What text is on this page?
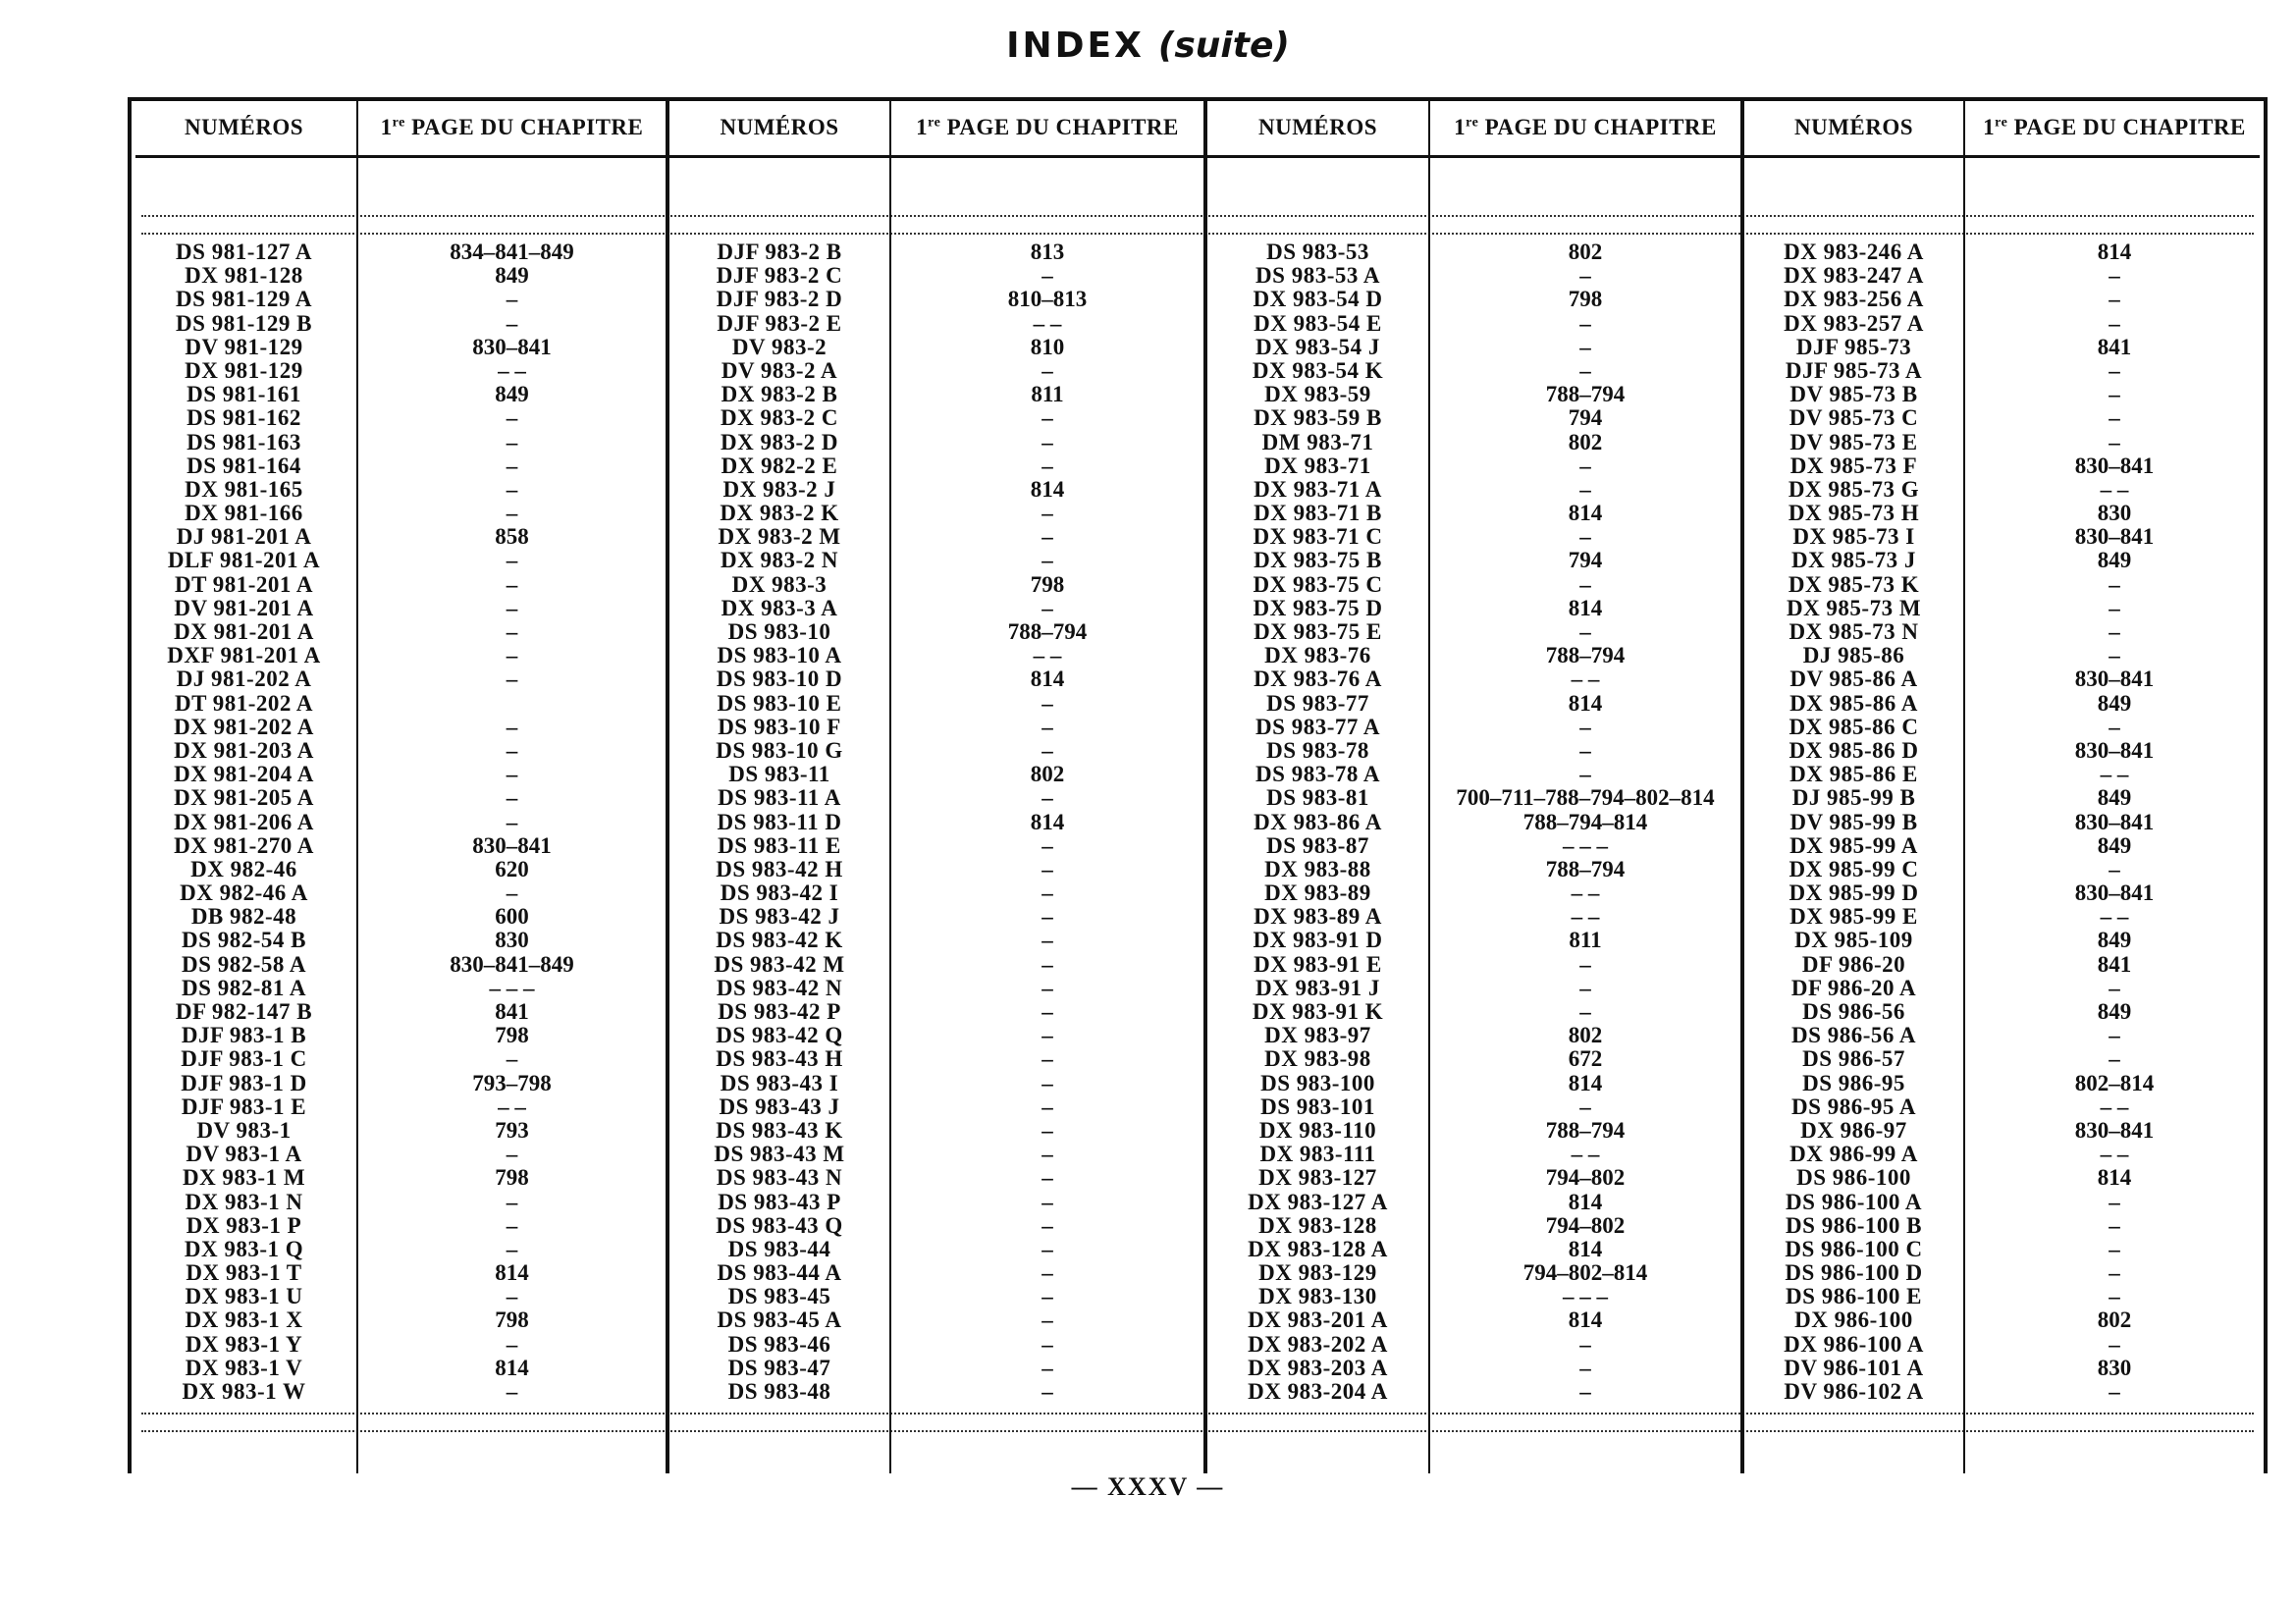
INDEX (suite)
NUMÉROS
DS 981-127 A
DX 981-128
DS 981-129 A
DS 981-129 B
DV 981-129
DX 981-129
DS 981-161
DS 981-162
DS 981-163
DS 981-164
DX 981-165
DX 981-166
DJ 981-201 A
DLF 981-201 A
DT 981-201 A
DV 981-201 A
DX 981-201 A
DXF 981-201 A
DJ 981-202 A
DT 981-202 A
DX 981-202 A
DX 981-203 A
DX 981-204 A
DX 981-205 A
DX 981-206 A
DX 981-270 A
DX 982-46
DX 982-46 A
DB 982-48
DS 982-54 B
DS 982-58 A
DS 982-81 A
DF 982-147 B
DJF 983-1 B
DJF 983-1 C
DJF 983-1 D
DJF 983-1 E
DV 983-1
DV 983-1 A
DX 983-1 M
DX 983-1 N
DX 983-1 P
DX 983-1 Q
DX 983-1 T
DX 983-1 U
DX 983-1 X
DX 983-1 Y
DX 983-1 V
DX 983-1 W
1re PAGE DU CHAPITRE
834–841–849
849
–
–
830–841
– –
849
–
–
–
–
–
858
–
–
–
–
–
–
–
–
–
–
–
830–841
620
–
600
830
830–841–849
– – –
841
798
–
793–798
– –
793
–
798
–
–
–
814
–
798
–
814
–
NUMÉROS
DJF 983-2 B
DJF 983-2 C
DJF 983-2 D
DJF 983-2 E
DV 983-2
DV 983-2 A
DX 983-2 B
DX 983-2 C
DX 983-2 D
DX 982-2 E
DX 983-2 J
DX 983-2 K
DX 983-2 M
DX 983-2 N
DX 983-3
DX 983-3 A
DS 983-10
DS 983-10 A
DS 983-10 D
DS 983-10 E
DS 983-10 F
DS 983-10 G
DS 983-11
DS 983-11 A
DS 983-11 D
DS 983-11 E
DS 983-42 H
DS 983-42 I
DS 983-42 J
DS 983-42 K
DS 983-42 M
DS 983-42 N
DS 983-42 P
DS 983-42 Q
DS 983-43 H
DS 983-43 I
DS 983-43 J
DS 983-43 K
DS 983-43 M
DS 983-43 N
DS 983-43 P
DS 983-43 Q
DS 983-44
DS 983-44 A
DS 983-45
DS 983-45 A
DS 983-46
DS 983-47
DS 983-48
1re PAGE DU CHAPITRE
813
–
810–813
– –
810
–
811
–
–
–
814
–
–
–
798
–
788–794
– –
814
–
–
–
802
–
814
–
–
–
–
–
–
–
–
–
–
–
–
–
–
–
–
–
–
–
–
–
–
–
–
NUMÉROS
DS 983-53
DS 983-53 A
DX 983-54 D
DX 983-54 E
DX 983-54 J
DX 983-54 K
DX 983-59
DX 983-59 B
DM 983-71
DX 983-71
DX 983-71 A
DX 983-71 B
DX 983-71 C
DX 983-75 B
DX 983-75 C
DX 983-75 D
DX 983-75 E
DX 983-76
DX 983-76 A
DS 983-77
DS 983-77 A
DS 983-78
DS 983-78 A
DS 983-81
DX 983-86 A
DS 983-87
DX 983-88
DX 983-89
DX 983-89 A
DX 983-91 D
DX 983-91 E
DX 983-91 J
DX 983-91 K
DX 983-97
DX 983-98
DS 983-100
DS 983-101
DX 983-110
DX 983-111
DX 983-127
DX 983-127 A
DX 983-128
DX 983-128 A
DX 983-129
DX 983-130
DX 983-201 A
DX 983-202 A
DX 983-203 A
DX 983-204 A
1re PAGE DU CHAPITRE
802
–
798
–
–
–
788–794
794
802
–
–
814
–
794
–
814
–
788–794
– –
814
–
–
–
700–711–788–794–802–814
788–794–814
– – –
788–794
– –
– –
811
–
–
–
802
672
814
–
788–794
– –
794–802
814
794–802
814
794–802–814
– – –
814
–
–
–
NUMÉROS
DX 983-246 A
DX 983-247 A
DX 983-256 A
DX 983-257 A
DJF 985-73
DJF 985-73 A
DV 985-73 B
DV 985-73 C
DV 985-73 E
DX 985-73 F
DX 985-73 G
DX 985-73 H
DX 985-73 I
DX 985-73 J
DX 985-73 K
DX 985-73 M
DX 985-73 N
DJ 985-86
DV 985-86 A
DX 985-86 A
DX 985-86 C
DX 985-86 D
DX 985-86 E
DJ 985-99 B
DV 985-99 B
DX 985-99 A
DX 985-99 C
DX 985-99 D
DX 985-99 E
DX 985-109
DF 986-20
DF 986-20 A
DS 986-56
DS 986-56 A
DS 986-57
DS 986-95
DS 986-95 A
DX 986-97
DX 986-99 A
DS 986-100
DS 986-100 A
DS 986-100 B
DS 986-100 C
DS 986-100 D
DS 986-100 E
DX 986-100
DX 986-100 A
DV 986-101 A
DV 986-102 A
1re PAGE DU CHAPITRE
814
–
–
–
841
–
–
–
–
830–841
– –
830
830–841
849
–
–
–
–
830–841
849
–
830–841
– –
849
830–841
849
–
830–841
– –
849
841
–
849
–
–
802–814
– –
830–841
– –
814
–
–
–
–
–
802
–
830
–
— XXXV —
